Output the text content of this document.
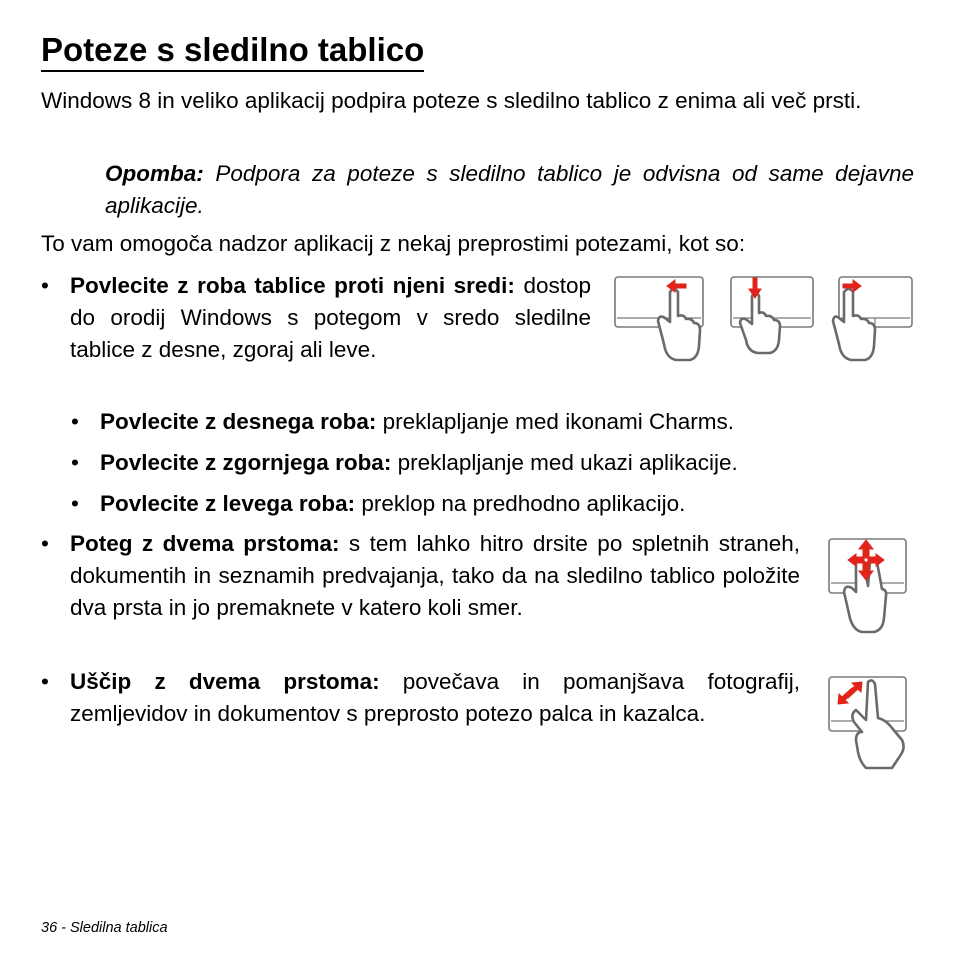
Poteze s sledilno tablico

Windows 8 in veliko aplikacij podpira poteze s sledilno tablico z enima ali več prsti.

Opomba: Podpora za poteze s sledilno tablico je odvisna od same dejavne aplikacije.

To vam omogoča nadzor aplikacij z nekaj preprostimi potezami, kot so:

• Povlecite z roba tablice proti njeni sredi: dostop do orodij Windows s potegom v sredo sledilne tablice z desne, zgoraj ali leve.

• Povlecite z desnega roba: preklapljanje med ikonami Charms.

• Povlecite z zgornjega roba: preklapljanje med ukazi aplikacije.

• Povlecite z levega roba: preklop na predhodno aplikacijo.

• Poteg z dvema prstoma: s tem lahko hitro drsite po spletnih straneh, dokumentih in seznamih predvajanja, tako da na sledilno tablico položite dva prsta in jo premaknete v katero koli smer.

• Uščip z dvema prstoma: povečava in pomanjšava fotografij, zemljevidov in dokumentov s preprosto potezo palca in kazalca.

36 - Sledilna tablica
